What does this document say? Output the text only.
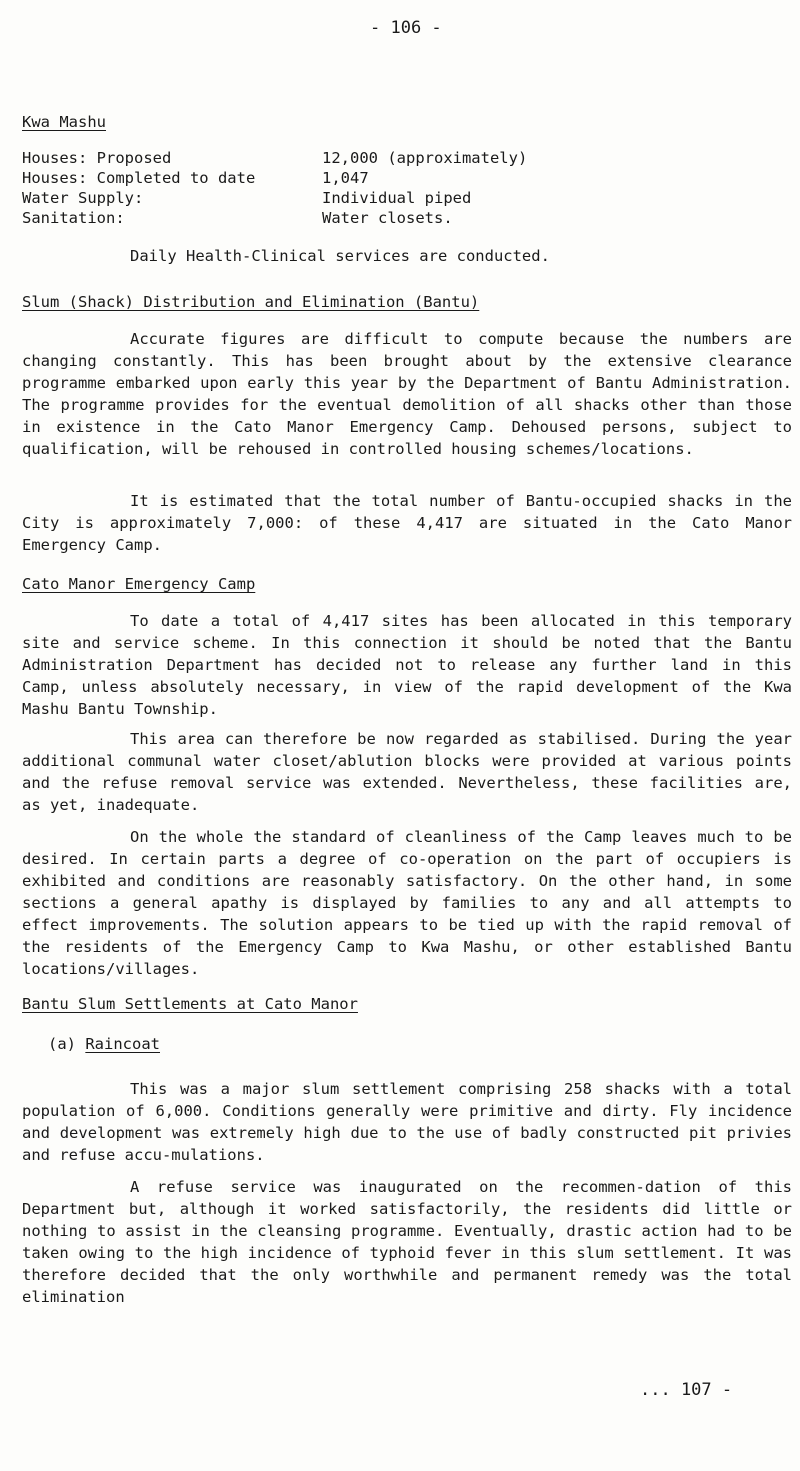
- 106 -
Kwa Mashu
Houses: Proposed	12,000 (approximately)
Houses: Completed to date	1,047
Water Supply:	Individual piped
Sanitation:	Water closets.
Daily Health-Clinical services are conducted.
Slum (Shack) Distribution and Elimination (Bantu)
Accurate figures are difficult to compute because the numbers are changing constantly. This has been brought about by the extensive clearance programme embarked upon early this year by the Department of Bantu Administration. The programme provides for the eventual demolition of all shacks other than those in existence in the Cato Manor Emergency Camp. Dehoused persons, subject to qualification, will be rehoused in controlled housing schemes/locations.
It is estimated that the total number of Bantu-occupied shacks in the City is approximately 7,000: of these 4,417 are situated in the Cato Manor Emergency Camp.
Cato Manor Emergency Camp
To date a total of 4,417 sites has been allocated in this temporary site and service scheme. In this connection it should be noted that the Bantu Administration Department has decided not to release any further land in this Camp, unless absolutely necessary, in view of the rapid development of the Kwa Mashu Bantu Township.
This area can therefore be now regarded as stabilised. During the year additional communal water closet/ablution blocks were provided at various points and the refuse removal service was extended. Nevertheless, these facilities are, as yet, inadequate.
On the whole the standard of cleanliness of the Camp leaves much to be desired. In certain parts a degree of co-operation on the part of occupiers is exhibited and conditions are reasonably satisfactory. On the other hand, in some sections a general apathy is displayed by families to any and all attempts to effect improvements. The solution appears to be tied up with the rapid removal of the residents of the Emergency Camp to Kwa Mashu, or other established Bantu locations/villages.
Bantu Slum Settlements at Cato Manor
(a) Raincoat
This was a major slum settlement comprising 258 shacks with a total population of 6,000. Conditions generally were primitive and dirty. Fly incidence and development was extremely high due to the use of badly constructed pit privies and refuse accu-mulations.
A refuse service was inaugurated on the recommen-dation of this Department but, although it worked satisfactorily, the residents did little or nothing to assist in the cleansing programme. Eventually, drastic action had to be taken owing to the high incidence of typhoid fever in this slum settlement. It was therefore decided that the only worthwhile and permanent remedy was the total elimination
... 107 -
